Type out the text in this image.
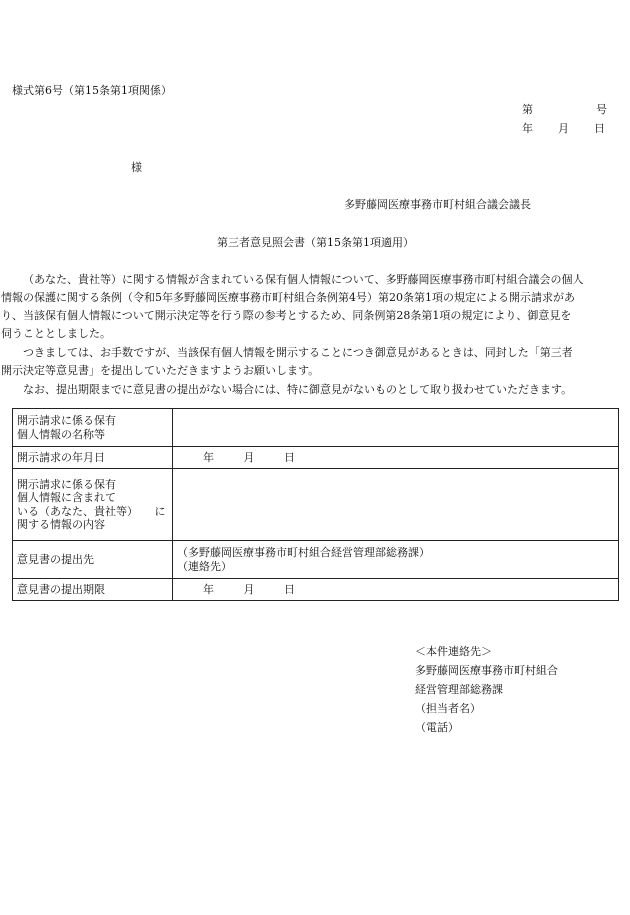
様式第6号（第15条第1項関係）
第	号
年 月 日
様
多野藤岡医療事務市町村組合議会議長
第三者意見照会書（第15条第1項適用）
（あなた、貴社等）に関する情報が含まれている保有個人情報について、多野藤岡医療事務市町村組合議会の個人
情報の保護に関する条例（令和5年多野藤岡医療事務市町村組合条例第4号）第20条第1項の規定による開示請求があ
り、当該保有個人情報について開示決定等を行う際の参考とするため、同条例第28条第1項の規定により、御意見を
伺うこととしました。
つきましては、お手数ですが、当該保有個人情報を開示することにつき御意見があるときは、同封した「第三者
開示決定等意見書」を提出していただきますようお願いします。
なお、提出期限までに意見書の提出がない場合には、特に御意見がないものとして取り扱わせていただきます。
開示請求に係る保有
個人情報の名称等	

開示請求の年月日	年 月 日

開示請求に係る保有
個人情報に含まれて
いる（あなた、貴社等）　　に
関する情報の内容	

意見書の提出先	（多野藤岡医療事務市町村組合経営管理部総務課）
（連絡先）

意見書の提出期限	年 月 日
＜本件連絡先＞
多野藤岡医療事務市町村組合
経営管理部総務課
（担当者名）
（電話）
